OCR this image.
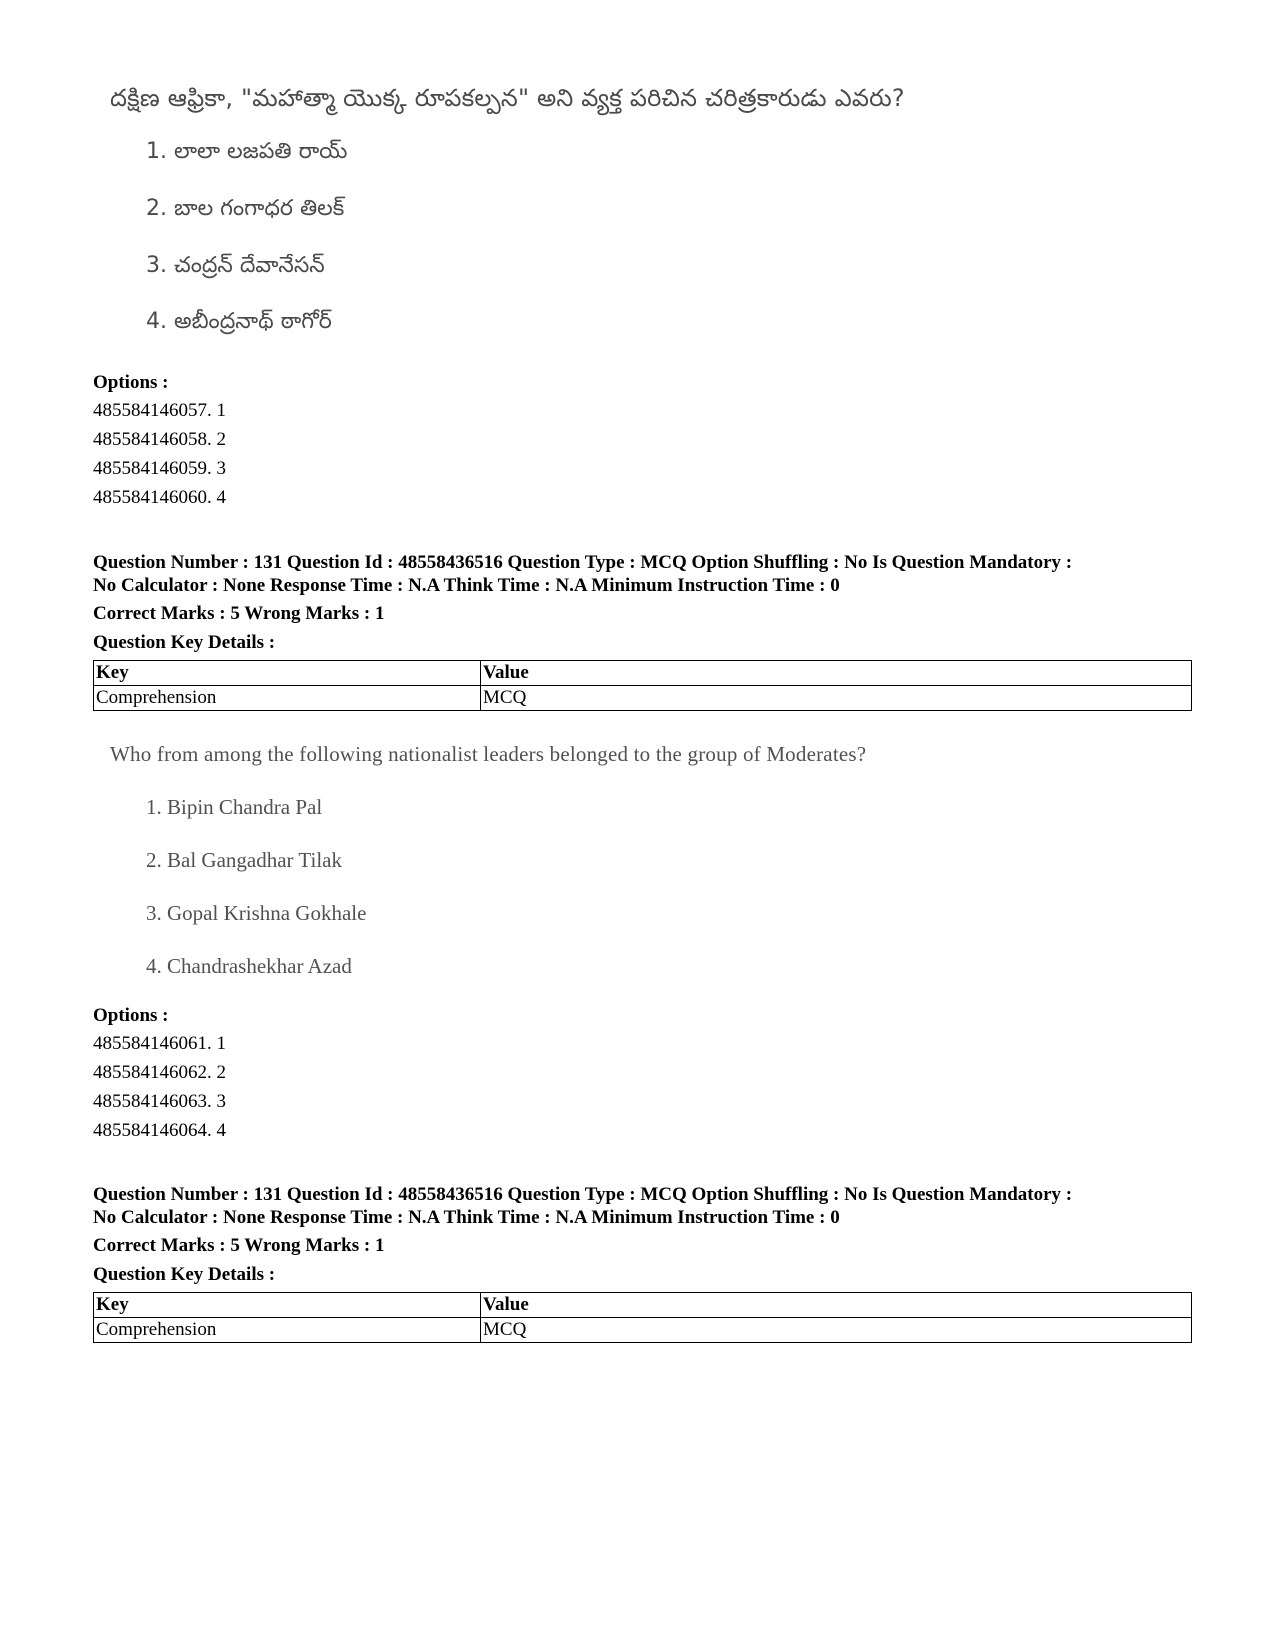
దక్షిణ ఆఫ్రికా, "మహాత్మా యొక్క రూపకల్పన" అని వ్యక్త పరిచిన చరిత్రకారుడు ఎవరు?
1. లాలా లజపతి రాయ్
2. బాల గంగాధర తిలక్
3. చంద్రన్ దేవానేసన్
4. అబీంద్రనాథ్ ఠాగోర్
Options :
485584146057. 1
485584146058. 2
485584146059. 3
485584146060. 4
Question Number : 131 Question Id : 48558436516 Question Type : MCQ Option Shuffling : No Is Question Mandatory :
No Calculator : None Response Time : N.A Think Time : N.A Minimum Instruction Time : 0
Correct Marks : 5 Wrong Marks : 1
Question Key Details :
Key	Value
Comprehension	MCQ
Who from among the following nationalist leaders belonged to the group of Moderates?
1. Bipin Chandra Pal
2. Bal Gangadhar Tilak
3. Gopal Krishna Gokhale
4. Chandrashekhar Azad
Options :
485584146061. 1
485584146062. 2
485584146063. 3
485584146064. 4
Question Number : 131 Question Id : 48558436516 Question Type : MCQ Option Shuffling : No Is Question Mandatory :
No Calculator : None Response Time : N.A Think Time : N.A Minimum Instruction Time : 0
Correct Marks : 5 Wrong Marks : 1
Question Key Details :
Key	Value
Comprehension	MCQ
